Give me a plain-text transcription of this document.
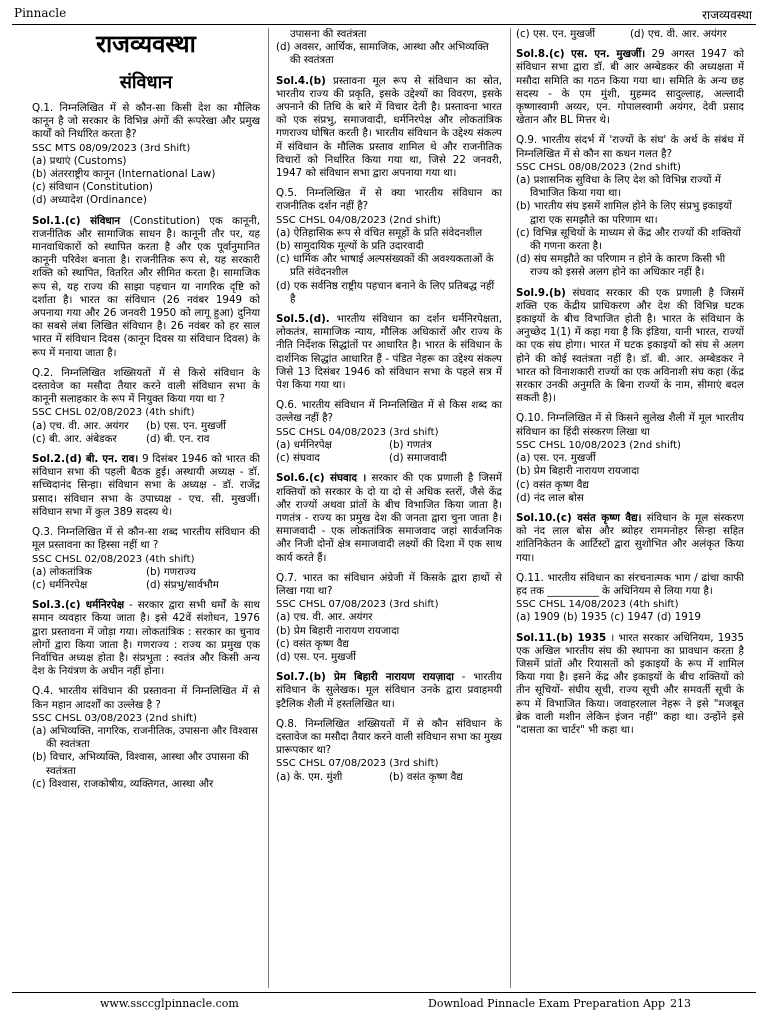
Pinnacle	राजव्यवस्था
राजव्यवस्था
संविधान

Q.1. निम्नलिखित में से कौन-सा किसी देश का मौलिक कानून है जो सरकार के विभिन्न अंगों की रूपरेखा और प्रमुख कार्यों को निर्धारित करता है?

SSC MTS 08/09/2023 (3rd Shift)

(a) प्रथाएं (Customs)

(b) अंतरराष्ट्रीय कानून (International Law)

(c) संविधान (Constitution)

(d) अध्यादेश (Ordinance)

Sol.1.(c) संविधान (Constitution) एक कानूनी, राजनीतिक और सामाजिक साधन है। कानूनी तौर पर, यह मानवाधिकारों को स्थापित करता है और एक पूर्वानुमानित कानूनी परिवेश बनाता है। राजनीतिक रूप से, यह सरकारी शक्ति को स्थापित, वितरित और सीमित करता है। सामाजिक रूप से, यह राज्य की साझा पहचान या नागरिक दृष्टि को दर्शाता है। भारत का संविधान (26 नवंबर 1949 को अपनाया गया और 26 जनवरी 1950 को लागू हुआ) दुनिया का सबसे लंबा लिखित संविधान है। 26 नवंबर को हर साल भारत में संविधान दिवस (कानून दिवस या संविधान दिवस) के रूप में मनाया जाता है।

Q.2. निम्नलिखित शख्सियतों में से किसे संविधान के दस्तावेज का मसौदा तैयार करने वाली संविधान सभा के कानूनी सलाहकार के रूप में नियुक्त किया गया था ?

SSC CHSL 02/08/2023 (4th shift)

(a) एच. वी. आर. अयंगर	(b) एस. एन. मुखर्जी

(c) बी. आर. अंबेडकर	(d) बी. एन. राव

Sol.2.(d) बी. एन. राव। 9 दिसंबर 1946 को भारत की संविधान सभा की पहली बैठक हुई। अस्थायी अध्यक्ष - डॉ. सच्चिदानंद सिन्हा। संविधान सभा के अध्यक्ष - डॉ. राजेंद्र प्रसाद। संविधान सभा के उपाध्यक्ष - एच. सी. मुखर्जी। संविधान सभा में कुल 389 सदस्य थे।

Q.3. निम्नलिखित में से कौन-सा शब्द भारतीय संविधान की मूल प्रस्तावना का हिस्सा नहीं था ?

SSC CHSL 02/08/2023 (4th shift)

(a) लोकतांत्रिक	(b) गणराज्य

(c) धर्मनिरपेक्ष	(d) संप्रभु/सार्वभौम

Sol.3.(c) धर्मनिरपेक्ष - सरकार द्वारा सभी धर्मों के साथ समान व्यवहार किया जाता है। इसे 42वें संशोधन, 1976 द्वारा प्रस्तावना में जोड़ा गया। लोकतांत्रिक : सरकार का चुनाव लोगों द्वारा किया जाता है। गणराज्य : राज्य का प्रमुख एक निर्वाचित अध्यक्ष होता है। संप्रभुता : स्वतंत्र और किसी अन्य देश के नियंत्रण के अधीन नहीं होना।

Q.4. भारतीय संविधान की प्रस्तावना में निम्नलिखित में से किन महान आदर्शों का उल्लेख है ?

SSC CHSL 03/08/2023 (2nd shift)

(a) अभिव्यक्ति, नागरिक, राजनीतिक, उपासना और विश्वास की स्वतंत्रता

(b) विचार, अभिव्यक्ति, विश्वास, आस्था और उपासना की स्वतंत्रता

(c) विश्वास, राजकोषीय, व्यक्तिगत, आस्था और

उपासना की स्वतंत्रता

(d) अवसर, आर्थिक, सामाजिक, आस्था और अभिव्यक्ति की स्वतंत्रता

Sol.4.(b) प्रस्तावना मूल रूप से संविधान का स्रोत, भारतीय राज्य की प्रकृति, इसके उद्देश्यों का विवरण, इसके अपनाने की तिथि के बारे में विचार देती है। प्रस्तावना भारत को एक संप्रभु, समाजवादी, धर्मनिरपेक्ष और लोकतांत्रिक गणराज्य घोषित करती है। भारतीय संविधान के उद्देश्य संकल्प में संविधान के मौलिक प्रस्ताव शामिल थे और राजनीतिक विचारों को निर्धारित किया गया था, जिसे 22 जनवरी, 1947 को संविधान सभा द्वारा अपनाया गया था।

Q.5. निम्नलिखित में से क्या भारतीय संविधान का राजनीतिक दर्शन नहीं है?

SSC CHSL 04/08/2023 (2nd shift)

(a) ऐतिहासिक रूप से वंचित समूहों के प्रति संवेदनशील

(b) सामुदायिक मूल्यों के प्रति उदारवादी

(c) धार्मिक और भाषाई अल्पसंख्यकों की अवश्यकताओं के प्रति संवेदनशील

(d) एक सर्वनिष्ठ राष्ट्रीय पहचान बनाने के लिए प्रतिबद्ध नहीं है

Sol.5.(d). भारतीय संविधान का दर्शन धर्मनिरपेक्षता, लोकतंत्र, सामाजिक न्याय, मौलिक अधिकारों और राज्य के नीति निर्देशक सिद्धांतों पर आधारित है। भारत के संविधान के दार्शनिक सिद्धांत आधारित हैं - पंडित नेहरू का उद्देश्य संकल्प जिसे 13 दिसंबर 1946 को संविधान सभा के पहले सत्र में पेश किया गया था।

Q.6. भारतीय संविधान में निम्नलिखित में से किस शब्द का उल्लेख नहीं है?

SSC CHSL 04/08/2023 (3rd shift)

(a) धर्मनिरपेक्ष	(b) गणतंत्र

(c) संघवाद	(d) समाजवादी

Sol.6.(c) संघवाद । सरकार की एक प्रणाली है जिसमें शक्तियों को सरकार के दो या दो से अधिक स्तरों, जैसे केंद्र और राज्यों अथवा प्रांतों के बीच विभाजित किया जाता है। गणतंत्र - राज्य का प्रमुख देश की जनता द्वारा चुना जाता है। समाजवादी - एक लोकतांत्रिक समाजवाद जहां सार्वजनिक और निजी दोनों क्षेत्र समाजवादी लक्ष्यों की दिशा में एक साथ कार्य करते हैं।

Q.7. भारत का संविधान अंग्रेजी में किसके द्वारा हाथों से लिखा गया था?

SSC CHSL 07/08/2023 (3rd shift)

(a) एच. वी. आर. अयंगर

(b) प्रेम बिहारी नारायण रायजादा

(c) वसंत कृष्ण वैद्य

(d) एस. एन. मुखर्जी

Sol.7.(b) प्रेम बिहारी नारायण रायज़ादा - भारतीय संविधान के सुलेखक। मूल संविधान उनके द्वारा प्रवाहमयी इटैलिक शैली में हस्तलिखित था।

Q.8. निम्नलिखित शख्सियतों में से कौन संविधान के दस्तावेज का मसौदा तैयार करने वाली संविधान सभा का मुख्य प्रारूपकार था?

SSC CHSL 07/08/2023 (3rd shift)

(a) के. एम. मुंशी	(b) वसंत कृष्ण वैद्य

(c) एस. एन. मुखर्जी	(d) एच. वी. आर. अयंगर

Sol.8.(c) एस. एन. मुखर्जी। 29 अगस्त 1947 को संविधान सभा द्वारा डॉ. बी आर अम्बेडकर की अध्यक्षता में मसौदा समिति का गठन किया गया था। समिति के अन्य छह सदस्य - के एम मुंशी, मुहम्मद सादुल्लाह, अल्लादी कृष्णास्वामी अय्यर, एन. गोपालस्वामी अयंगर, देवी प्रसाद खेतान और BL मित्तर थे।

Q.9. भारतीय संदर्भ में 'राज्यों के संघ' के अर्थ के संबंध में निम्नलिखित में से कौन सा कथन गलत है?

SSC CHSL 08/08/2023 (2nd shift)

(a) प्रशासनिक सुविधा के लिए देश को विभिन्न राज्यों में विभाजित किया गया था।

(b) भारतीय संघ इसमें शामिल होने के लिए संप्रभु इकाइयों द्वारा एक समझौते का परिणाम था।

(c) विभिन्न सूचियों के माध्यम से केंद्र और राज्यों की शक्तियों की गणना करता है।

(d) संघ समझौते का परिणाम न होने के कारण किसी भी राज्य को इससे अलग होने का अधिकार नहीं है।

Sol.9.(b) संघवाद सरकार की एक प्रणाली है जिसमें शक्ति एक केंद्रीय प्राधिकरण और देश की विभिन्न घटक इकाइयों के बीच विभाजित होती है। भारत के संविधान के अनुच्छेद 1(1) में कहा गया है कि इंडिया, यानी भारत, राज्यों का एक संघ होगा। भारत में घटक इकाइयों को संघ से अलग होने की कोई स्वतंत्रता नहीं है। डॉ. बी. आर. अम्बेडकर ने भारत को विनाशकारी राज्यों का एक अविनाशी संघ कहा (केंद्र सरकार उनकी अनुमति के बिना राज्यों के नाम, सीमाएं बदल सकती है)।

Q.10. निम्नलिखित में से किसने सुलेख शैली में मूल भारतीय संविधान का हिंदी संस्करण लिखा था

SSC CHSL 10/08/2023 (2nd shift)

(a) एस. एन. मुखर्जी

(b) प्रेम बिहारी नारायण रायजादा

(c) वसंत कृष्ण वैद्य

(d) नंद लाल बोस

Sol.10.(c) वसंत कृष्ण वैद्य। संविधान के मूल संस्करण को नंद लाल बोस और ब्योहर राममनोहर सिन्हा सहित शांतिनिकेतन के आर्टिस्टों द्वारा सुशोभित और अलंकृत किया गया।

Q.11. भारतीय संविधान का संरचनात्मक भाग / ढांचा काफी हद तक __________ के अधिनियम से लिया गया है।

SSC CHSL 14/08/2023 (4th shift)

(a) 1909 (b) 1935 (c) 1947 (d) 1919

Sol.11.(b) 1935 । भारत सरकार अधिनियम, 1935 एक अखिल भारतीय संघ की स्थापना का प्रावधान करता है जिसमें प्रांतों और रियासतों को इकाइयों के रूप में शामिल किया गया है। इसने केंद्र और इकाइयों के बीच शक्तियों को तीन सूचियों- संघीय सूची, राज्य सूची और समवर्ती सूची के रूप में विभाजित किया। जवाहरलाल नेहरू ने इसे "मजबूत ब्रेक वाली मशीन लेकिन इंजन नहीं" कहा था। उन्होंने इसे "दासता का चार्टर" भी कहा था।

www.ssccglpinnacle.com	Download Pinnacle Exam Preparation App 213
